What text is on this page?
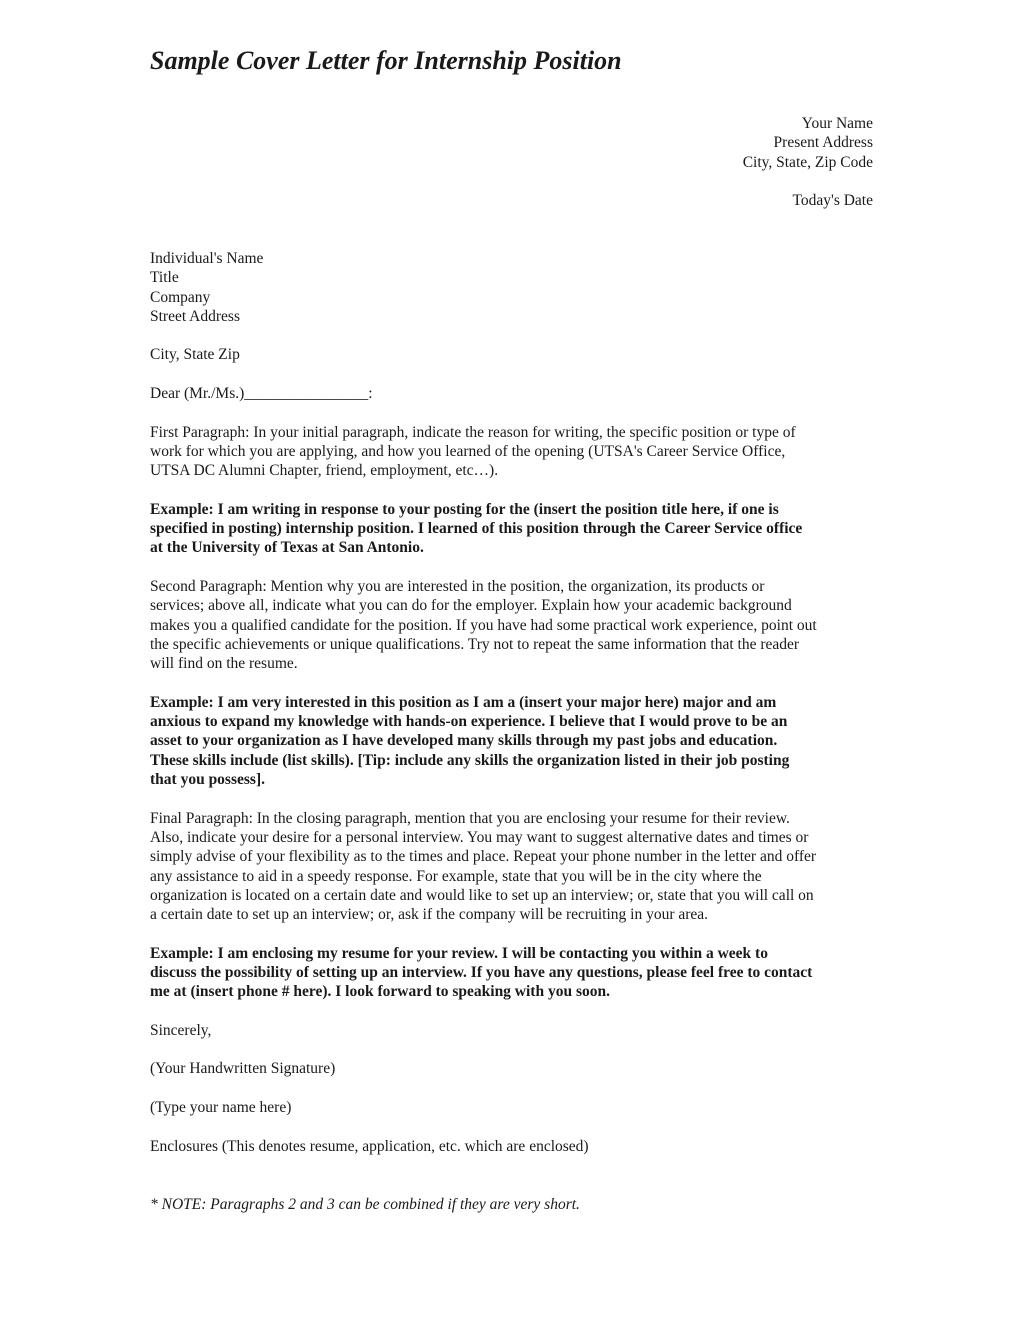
Sample Cover Letter for Internship Position
Your Name
Present Address
City, State, Zip Code
Today's Date
Individual's Name
Title
Company
Street Address
City, State Zip
Dear (Mr./Ms.)________________:
First Paragraph: In your initial paragraph, indicate the reason for writing, the specific position or type of
work for which you are applying, and how you learned of the opening (UTSA's Career Service Office,
UTSA DC Alumni Chapter, friend, employment, etc…).
Example: I am writing in response to your posting for the (insert the position title here, if one is
specified in posting) internship position. I learned of this position through the Career Service office
at the University of Texas at San Antonio.
Second Paragraph: Mention why you are interested in the position, the organization, its products or
services; above all, indicate what you can do for the employer. Explain how your academic background
makes you a qualified candidate for the position. If you have had some practical work experience, point out
the specific achievements or unique qualifications. Try not to repeat the same information that the reader
will find on the resume.
Example: I am very interested in this position as I am a (insert your major here) major and am
anxious to expand my knowledge with hands-on experience. I believe that I would prove to be an
asset to your organization as I have developed many skills through my past jobs and education.
These skills include (list skills). [Tip: include any skills the organization listed in their job posting
that you possess].
Final Paragraph: In the closing paragraph, mention that you are enclosing your resume for their review.
Also, indicate your desire for a personal interview. You may want to suggest alternative dates and times or
simply advise of your flexibility as to the times and place. Repeat your phone number in the letter and offer
any assistance to aid in a speedy response. For example, state that you will be in the city where the
organization is located on a certain date and would like to set up an interview; or, state that you will call on
a certain date to set up an interview; or, ask if the company will be recruiting in your area.
Example: I am enclosing my resume for your review. I will be contacting you within a week to
discuss the possibility of setting up an interview. If you have any questions, please feel free to contact
me at (insert phone # here). I look forward to speaking with you soon.
Sincerely,
(Your Handwritten Signature)
(Type your name here)
Enclosures (This denotes resume, application, etc. which are enclosed)
* NOTE: Paragraphs 2 and 3 can be combined if they are very short.
